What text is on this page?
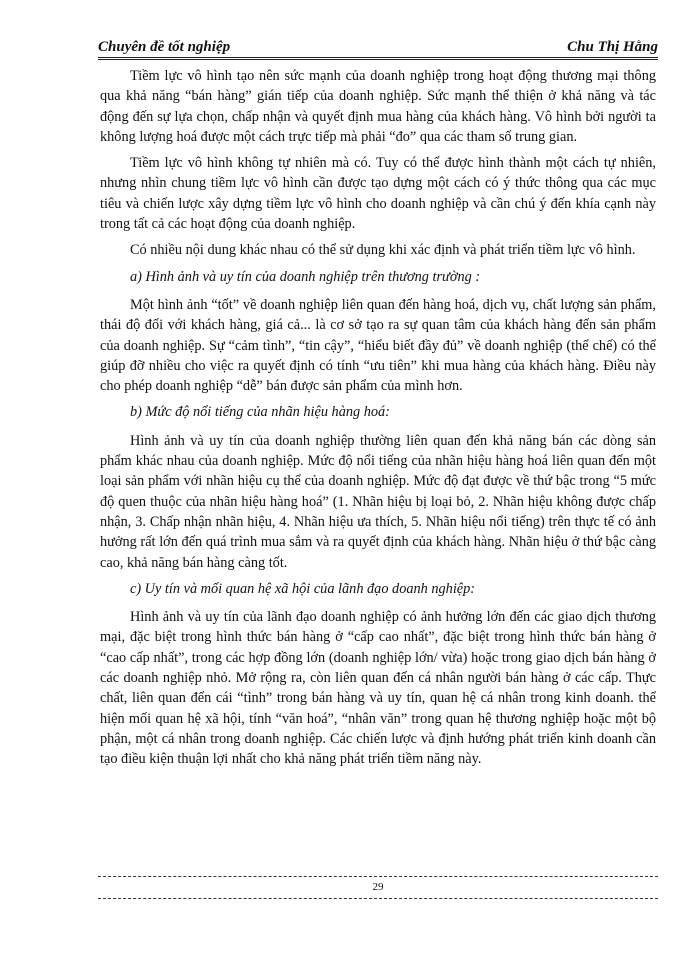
Chuyên đề tốt nghiệp	Chu Thị Hằng

Tiềm lực vô hình tạo nên sức mạnh của doanh nghiệp trong hoạt động thương mại thông qua khả năng “bán hàng” gián tiếp của doanh nghiệp. Sức mạnh thể thiện ở khả năng và tác động đến sự lựa chọn, chấp nhận và quyết định mua hàng của khách hàng. Vô hình bởi người ta không lượng hoá được một cách trực tiếp mà phải “đo” qua các tham số trung gian.

Tiềm lực vô hình không tự nhiên mà có. Tuy có thể được hình thành một cách tự nhiên, nhưng nhìn chung tiềm lực vô hình cần được tạo dựng một cách có ý thức thông qua các mục tiêu và chiến lược xây dựng tiềm lực vô hình cho doanh nghiệp và cần chú ý đến khía cạnh này trong tất cả các hoạt động của doanh nghiệp.

Có nhiều nội dung khác nhau có thể sử dụng khi xác định và phát triển tiềm lực vô hình.

a) Hình ảnh và uy tín của doanh nghiệp trên thương trường :

Một hình ảnh “tốt” về doanh nghiệp liên quan đến hàng hoá, dịch vụ, chất lượng sản phẩm, thái độ đối với khách hàng, giá cả... là cơ sở tạo ra sự quan tâm của khách hàng đến sản phẩm của doanh nghiệp. Sự “cảm tình”, “tin cậy”, “hiểu biết đầy đủ” về doanh nghiệp (thể chế) có thể giúp đỡ nhiều cho việc ra quyết định có tính “ưu tiên” khi mua hàng của khách hàng. Điều này cho phép doanh nghiệp “dễ” bán được sản phẩm của mình hơn.

b) Mức độ nổi tiếng của nhãn hiệu hàng hoá:

Hình ảnh và uy tín của doanh nghiệp thường liên quan đến khả năng bán các dòng sản phẩm khác nhau của doanh nghiệp. Mức độ nổi tiếng của nhãn hiệu hàng hoá liên quan đến một loại sản phẩm với nhãn hiệu cụ thể của doanh nghiệp. Mức độ đạt được về thứ bậc trong “5 mức độ quen thuộc của nhãn hiệu hàng hoá” (1. Nhãn hiệu bị loại bỏ, 2. Nhãn hiệu không được chấp nhận, 3. Chấp nhận nhãn hiệu, 4. Nhãn hiệu ưa thích, 5. Nhãn hiệu nổi tiếng) trên thực tế có ảnh hưởng rất lớn đến quá trình mua sắm và ra quyết định của khách hàng. Nhãn hiệu ở thứ bậc càng cao, khả năng bán hàng càng tốt.

c) Uy tín và mối quan hệ xã hội của lãnh đạo doanh nghiệp:

Hình ảnh và uy tín của lãnh đạo doanh nghiệp có ảnh hưởng lớn đến các giao dịch thương mại, đặc biệt trong hình thức bán hàng ở “cấp cao nhất”, đặc biệt trong hình thức bán hàng ở “cao cấp nhất”, trong các hợp đồng lớn (doanh nghiệp lớn/ vừa) hoặc trong giao dịch bán hàng ở các doanh nghiệp nhỏ. Mở rộng ra, còn liên quan đến cá nhân người bán hàng ở các cấp. Thực chất, liên quan đến cái “tình” trong bán hàng và uy tín, quan hệ cá nhân trong kinh doanh. thể hiện mối quan hệ xã hội, tính “văn hoá”, “nhân văn” trong quan hệ thương nghiệp hoặc một bộ phận, một cá nhân trong doanh nghiệp. Các chiến lược và định hướng phát triển kinh doanh cần tạo điều kiện thuận lợi nhất cho khả năng phát triển tiềm năng này.

29
